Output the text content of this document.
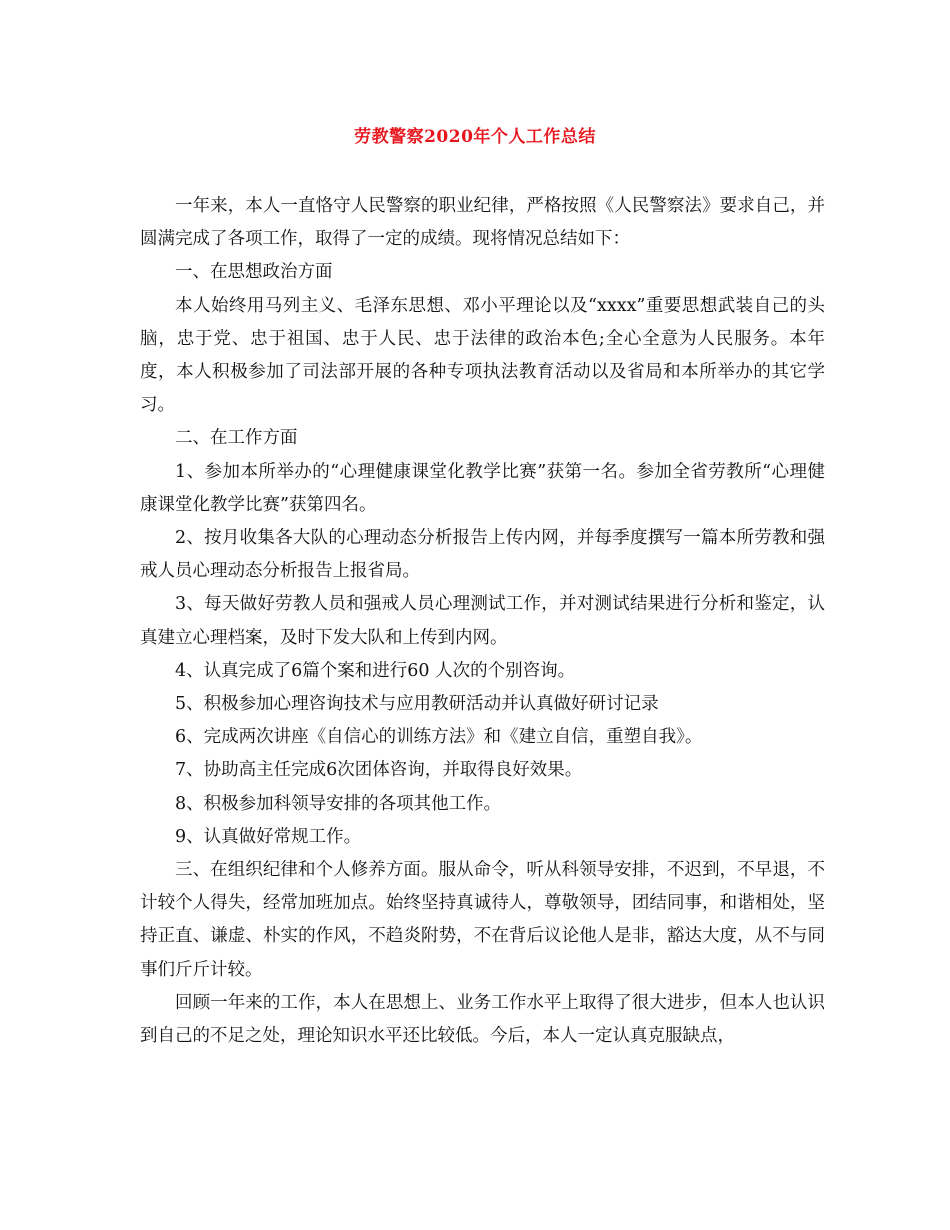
劳教警察2020年个人工作总结

一年来，本人一直恪守人民警察的职业纪律，严格按照《人民警察法》要求自己，并圆满完成了各项工作，取得了一定的成绩。现将情况总结如下：

一、在思想政治方面

本人始终用马列主义、毛泽东思想、邓小平理论以及“xxxx”重要思想武装自己的头脑，忠于党、忠于祖国、忠于人民、忠于法律的政治本色;全心全意为人民服务。本年度，本人积极参加了司法部开展的各种专项执法教育活动以及省局和本所举办的其它学习。

二、在工作方面

1、参加本所举办的“心理健康课堂化教学比赛”获第一名。参加全省劳教所“心理健康课堂化教学比赛”获第四名。

2、按月收集各大队的心理动态分析报告上传内网，并每季度撰写一篇本所劳教和强戒人员心理动态分析报告上报省局。

3、每天做好劳教人员和强戒人员心理测试工作，并对测试结果进行分析和鉴定，认真建立心理档案，及时下发大队和上传到内网。

4、认真完成了6篇个案和进行60 人次的个别咨询。

5、积极参加心理咨询技术与应用教研活动并认真做好研讨记录

6、完成两次讲座《自信心的训练方法》和《建立自信，重塑自我》。

7、协助高主任完成6次团体咨询，并取得良好效果。

8、积极参加科领导安排的各项其他工作。

9、认真做好常规工作。

三、在组织纪律和个人修养方面。服从命令，听从科领导安排，不迟到，不早退，不计较个人得失，经常加班加点。始终坚持真诚待人，尊敬领导，团结同事，和谐相处，坚持正直、谦虚、朴实的作风，不趋炎附势，不在背后议论他人是非，豁达大度，从不与同事们斤斤计较。

回顾一年来的工作，本人在思想上、业务工作水平上取得了很大进步，但本人也认识到自己的不足之处，理论知识水平还比较低。今后，本人一定认真克服缺点，
